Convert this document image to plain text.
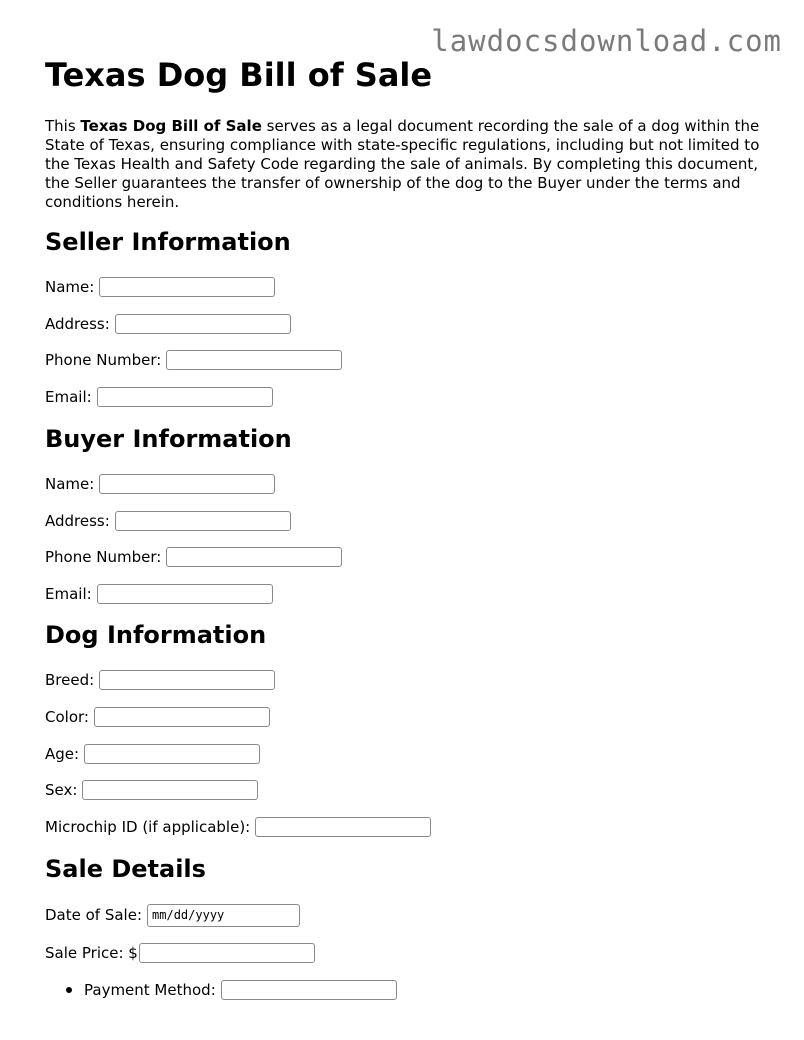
lawdocsdownload.com
Texas Dog Bill of Sale

This Texas Dog Bill of Sale serves as a legal document recording the sale of a dog within the State of Texas, ensuring compliance with state-specific regulations, including but not limited to the Texas Health and Safety Code regarding the sale of animals. By completing this document, the Seller guarantees the transfer of ownership of the dog to the Buyer under the terms and conditions herein.

Seller Information
Name:
Address:
Phone Number:
Email:
Buyer Information
Name:
Address:
Phone Number:
Email:
Dog Information
Breed:
Color:
Age:
Sex:
Microchip ID (if applicable):
Sale Details
Date of Sale:
mm/dd/yyyy
Sale Price: $
Payment Method:
